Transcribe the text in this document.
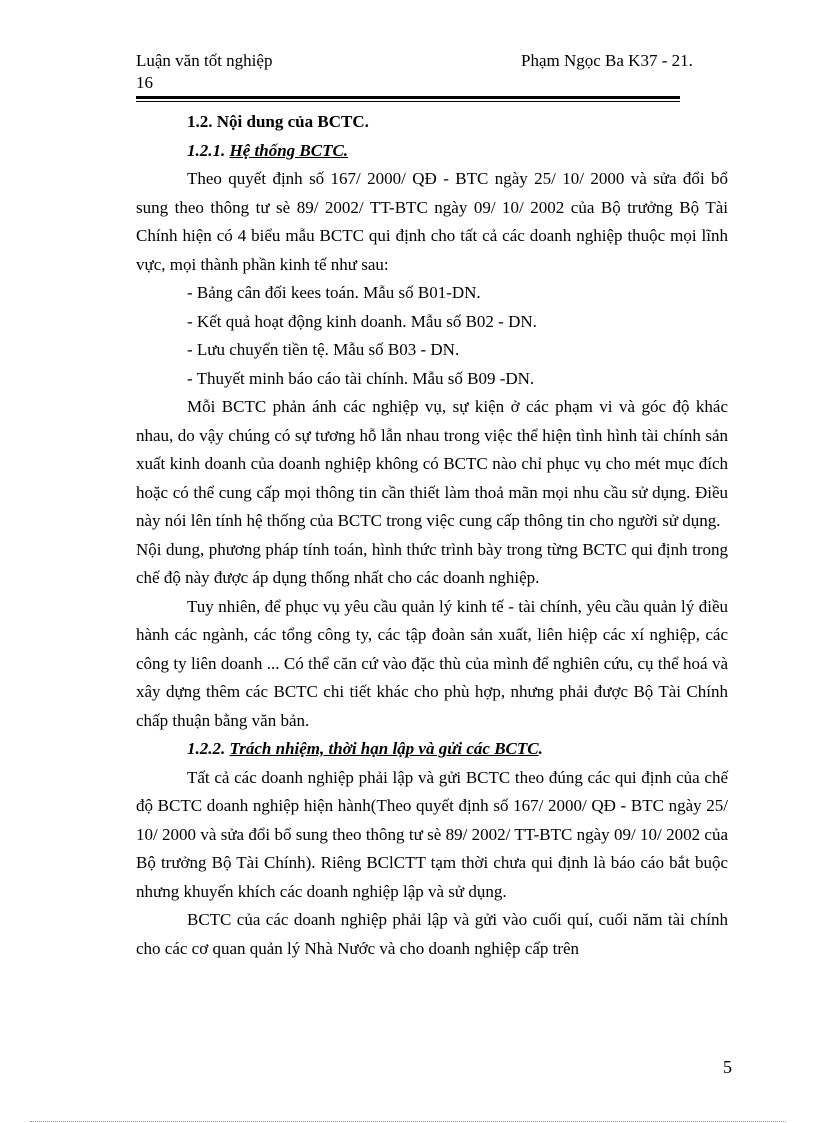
Luận văn tốt nghiệp
16
Phạm Ngọc Ba K37 - 21.

1.2. Nội dung của BCTC.

1.2.1. Hệ thống BCTC.

Theo quyết định số 167/ 2000/ QĐ - BTC ngày 25/ 10/ 2000 và sửa đổi bổ sung theo thông tư sè 89/ 2002/ TT-BTC ngày 09/ 10/ 2002 của Bộ trưởng Bộ Tài Chính hiện có 4 biểu mẫu BCTC qui định cho tất cả các doanh nghiệp thuộc mọi lĩnh vực, mọi thành phần kinh tế như sau:

- Bảng cân đối kees toán. Mẫu số B01-DN.

- Kết quả hoạt động kinh doanh. Mẫu số B02 - DN.

- Lưu chuyển tiền tệ. Mẫu số B03 - DN.

- Thuyết minh báo cáo tài chính. Mẫu số B09 -DN.

Mỗi BCTC phản ánh các nghiệp vụ, sự kiện ở các phạm vi và góc độ khác nhau, do vậy chúng có sự tương hỗ lẫn nhau trong việc thể hiện tình hình tài chính sản xuất kinh doanh của doanh nghiệp không có BCTC nào chỉ phục vụ cho mét mục đích hoặc có thể cung cấp mọi thông tin cần thiết làm thoả mãn mọi nhu cầu sử dụng. Điều này nói lên tính hệ thống của BCTC trong việc cung cấp thông tin cho người sử dụng.

Nội dung, phương pháp tính toán, hình thức trình bày trong từng BCTC qui định trong chế độ này được áp dụng thống nhất cho các doanh nghiệp.

Tuy nhiên, để phục vụ yêu cầu quản lý kinh tế - tài chính, yêu cầu quản lý điều hành các ngành, các tổng công ty, các tập đoàn sản xuất, liên hiệp các xí nghiệp, các công ty liên doanh ... Có thể căn cứ vào đặc thù của mình để nghiên cứu, cụ thể hoá và xây dựng thêm các BCTC chi tiết khác cho phù hợp, nhưng phải được Bộ Tài Chính chấp thuận bằng văn bản.

1.2.2. Trách nhiệm, thời hạn lập và gửi các BCTC.

Tất cả các doanh nghiệp phải lập và gửi BCTC theo đúng các qui định của chế độ BCTC doanh nghiệp hiện hành(Theo quyết định số 167/ 2000/ QĐ - BTC ngày 25/ 10/ 2000 và sửa đổi bổ sung theo thông tư sè 89/ 2002/ TT-BTC ngày 09/ 10/ 2002 của Bộ trưởng Bộ Tài Chính). Riêng BClCTT tạm thời chưa qui định là báo cáo bắt buộc nhưng khuyến khích các doanh nghiệp lập và sử dụng.

BCTC của các doanh nghiệp phải lập và gửi vào cuối quí, cuối năm tài chính cho các cơ quan quản lý Nhà Nước và cho doanh nghiệp cấp trên

5
